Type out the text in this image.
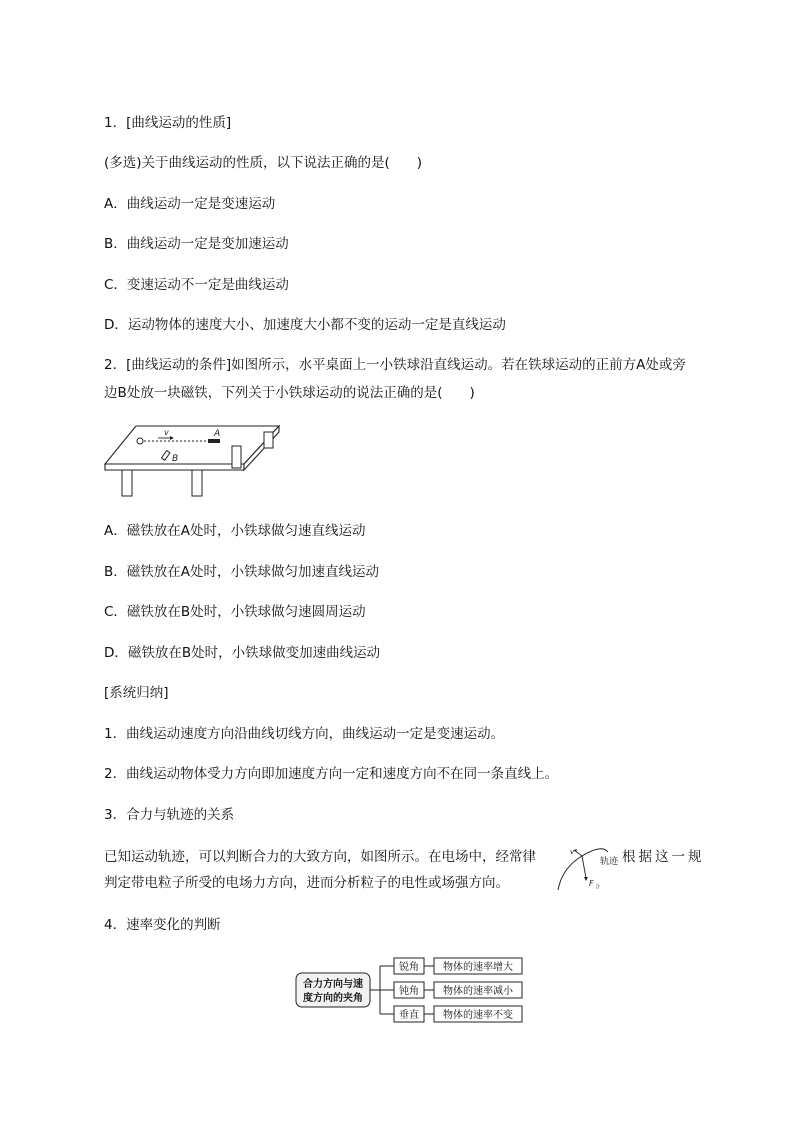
1．[曲线运动的性质]
(多选)关于曲线运动的性质，以下说法正确的是(　　)
A．曲线运动一定是变速运动
B．曲线运动一定是变加速运动
C．变速运动不一定是曲线运动
D．运动物体的速度大小、加速度大小都不变的运动一定是直线运动
2．[曲线运动的条件]如图所示，水平桌面上一小铁球沿直线运动。若在铁球运动的正前方A处或旁
边B处放一块磁铁，下列关于小铁球运动的说法正确的是(　　)
v	A
B
A．磁铁放在A处时，小铁球做匀速直线运动
B．磁铁放在A处时，小铁球做匀加速直线运动
C．磁铁放在B处时，小铁球做匀速圆周运动
D．磁铁放在B处时，小铁球做变加速曲线运动
[系统归纳]
1．曲线运动速度方向沿曲线切线方向，曲线运动一定是变速运动。
2．曲线运动物体受力方向即加速度方向一定和速度方向不在同一条直线上。
3．合力与轨迹的关系
已知运动轨迹，可以判断合力的大致方向，如图所示。在电场中，经常律判定带电粒子所受的电场力方向，进而分析粒子的电性或场强方向。
v
F 合
轨迹 根据这一规
4．速率变化的判断
合力方向与速
度方向的夹角
锐角 物体的速率增大
钝角 物体的速率减小
垂直 物体的速率不变
